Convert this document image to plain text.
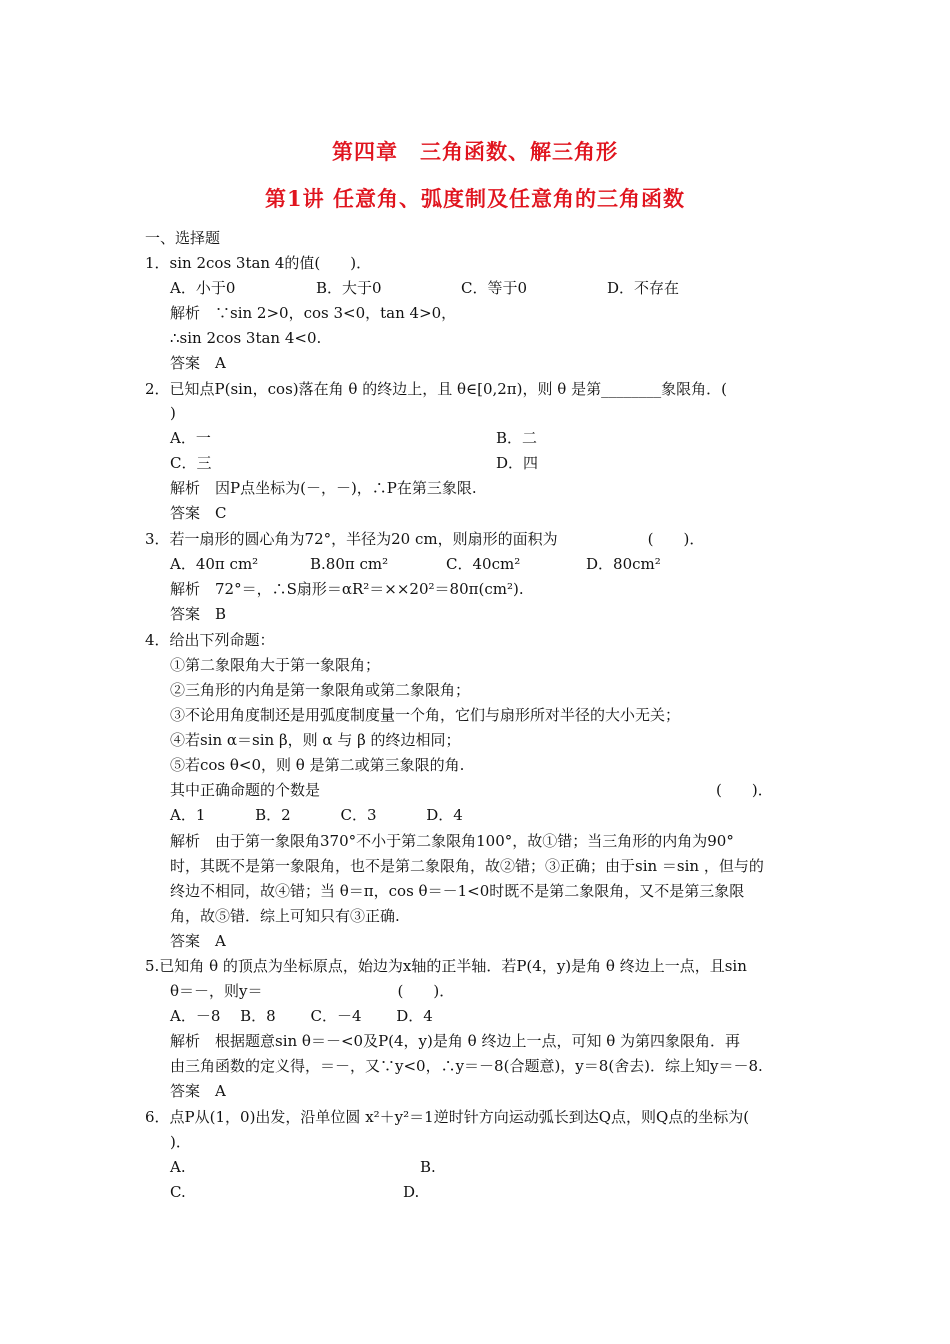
第四章　三角函数、解三角形
第1讲 任意角、弧度制及任意角的三角函数
一、选择题
1．sin 2cos 3tan 4的值(　　)．
A．小于0	B．大于0	C．等于0	D．不存在
解析　∵sin 2>0，cos 3<0，tan 4>0，
∴sin 2cos 3tan 4<0.
答案　A
2．已知点P(sin，cos)落在角 θ 的终边上，且 θ∈[0,2π)，则 θ 是第________象限角．(
)
A．一	B．二
C．三	D．四
解析　因P点坐标为(－，－)，∴P在第三象限.
答案　C
3．若一扇形的圆心角为72°，半径为20 cm，则扇形的面积为　　　　　　(　　)．
A．40π cm²	B.80π cm²	C．40cm²	D．80cm²
解析　72°＝，∴S扇形＝αR²＝××20²＝80π(cm²).
答案　B
4．给出下列命题：
①第二象限角大于第一象限角；
②三角形的内角是第一象限角或第二象限角；
③不论用角度制还是用弧度制度量一个角，它们与扇形所对半径的大小无关；
④若sin α＝sin β，则 α 与 β 的终边相同；
⑤若cos θ<0，则 θ 是第二或第三象限的角.
其中正确命题的个数是	(　　)．
A．1　　　 B．2　　　 C．3　　　 D．4
解析　由于第一象限角370°不小于第二象限角100°，故①错；当三角形的内角为90°
时，其既不是第一象限角，也不是第二象限角，故②错；③正确；由于sin ＝sin ，但与的
终边不相同，故④错；当 θ＝π，cos θ＝－1<0时既不是第二象限角，又不是第三象限
角，故⑤错．综上可知只有③正确.
答案　A
5.已知角 θ 的顶点为坐标原点，始边为x轴的正半轴．若P(4，y)是角 θ 终边上一点，且sin
θ＝－，则y＝　　　　　　　　　(　　)．
A．－8　 B．8　　 C．－4　　 D．4
解析　根据题意sin θ＝－<0及P(4，y)是角 θ 终边上一点，可知 θ 为第四象限角．再
由三角函数的定义得，＝－，又∵y<0，∴y＝－8(合题意)，y＝8(舍去)．综上知y＝－8.
答案　A
6．点P从(1，0)出发，沿单位圆 x²＋y²＝1逆时针方向运动弧长到达Q点，则Q点的坐标为(
)．
A.	B.
C.	D.
